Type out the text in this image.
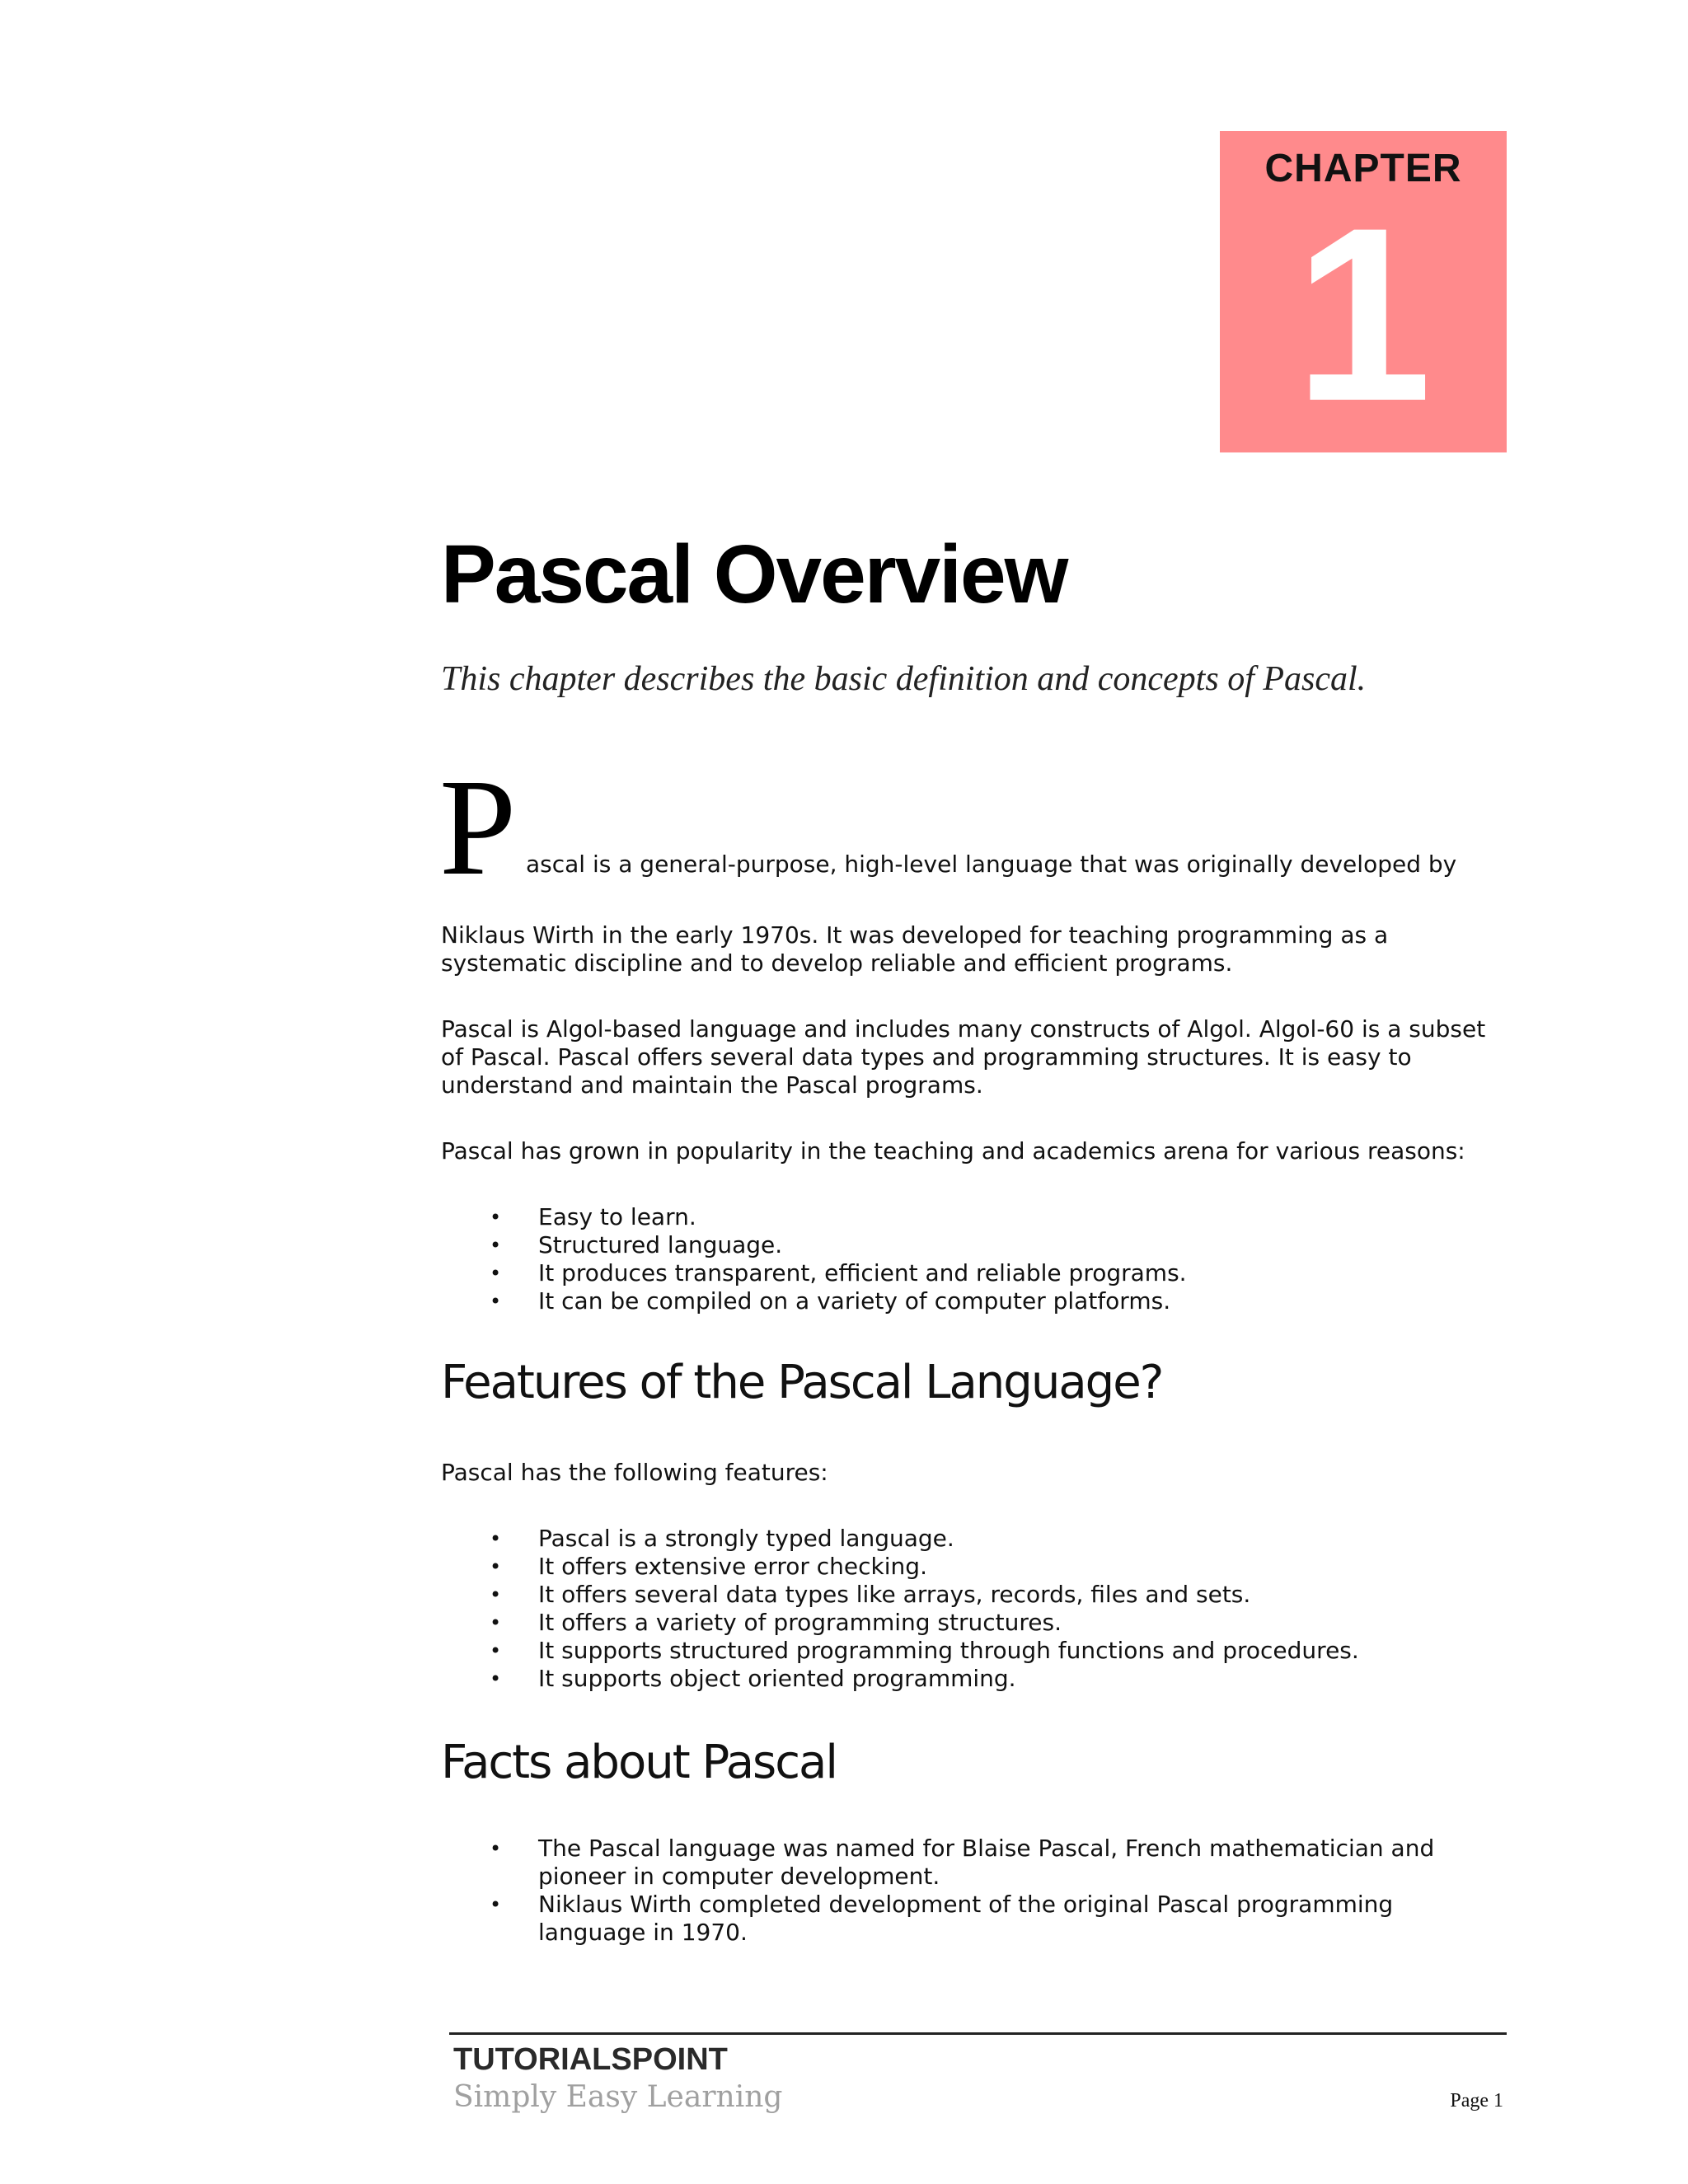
CHAPTER
1
Pascal Overview

This chapter describes the basic definition and concepts of Pascal.

P ascal is a general-purpose, high-level language that was originally developed by

Niklaus Wirth in the early 1970s. It was developed for teaching programming as a systematic discipline and to develop reliable and efficient programs.

Pascal is Algol-based language and includes many constructs of Algol. Algol-60 is a subset of Pascal. Pascal offers several data types and programming structures. It is easy to understand and maintain the Pascal programs.

Pascal has grown in popularity in the teaching and academics arena for various reasons:

• Easy to learn.
• Structured language.
• It produces transparent, efficient and reliable programs.
• It can be compiled on a variety of computer platforms.
Features of the Pascal Language?

Pascal has the following features:

• Pascal is a strongly typed language.
• It offers extensive error checking.
• It offers several data types like arrays, records, files and sets.
• It offers a variety of programming structures.
• It supports structured programming through functions and procedures.
• It supports object oriented programming.
Facts about Pascal
• The Pascal language was named for Blaise Pascal, French mathematician and pioneer in computer development.
• Niklaus Wirth completed development of the original Pascal programming language in 1970.
TUTORIALSPOINT
Simply Easy Learning	Page 1
